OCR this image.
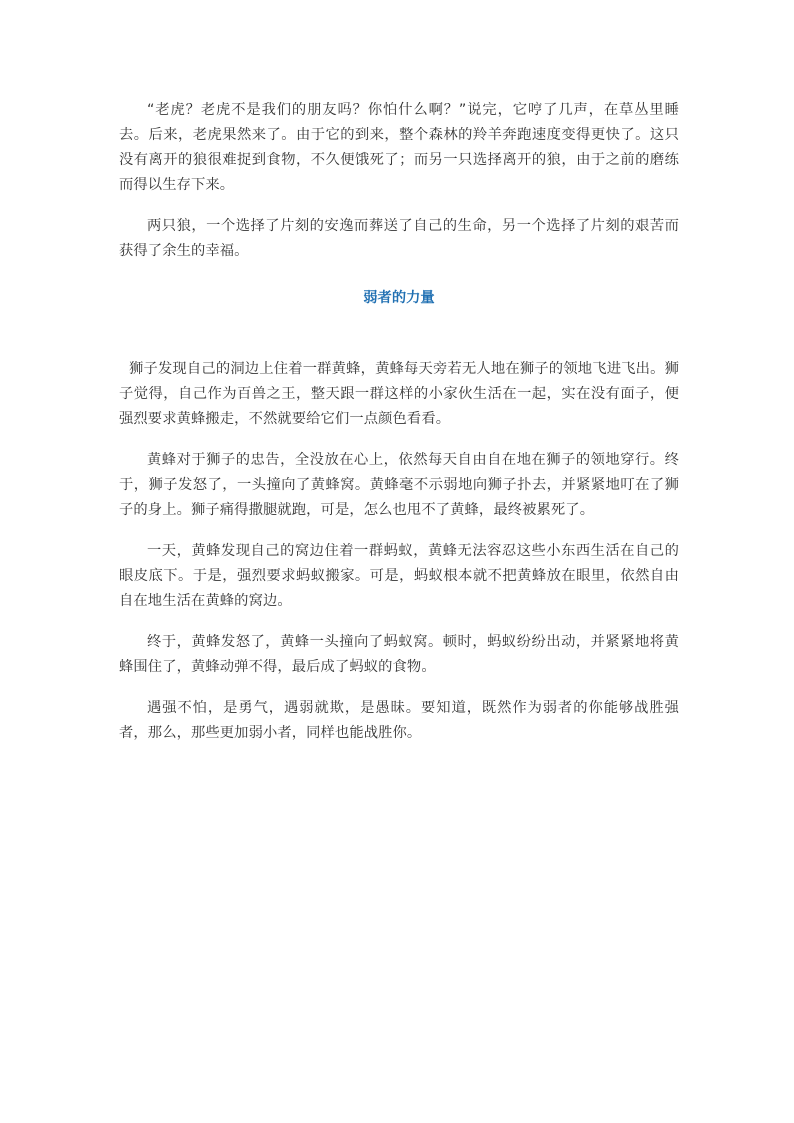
“老虎？老虎不是我们的朋友吗？你怕什么啊？”说完，它哼了几声，在草丛里睡去。后来，老虎果然来了。由于它的到来，整个森林的羚羊奔跑速度变得更快了。这只没有离开的狼很难捉到食物，不久便饿死了；而另一只选择离开的狼，由于之前的磨练而得以生存下来。

两只狼，一个选择了片刻的安逸而葬送了自己的生命，另一个选择了片刻的艰苦而获得了余生的幸福。

弱者的力量

狮子发现自己的洞边上住着一群黄蜂，黄蜂每天旁若无人地在狮子的领地飞进飞出。狮子觉得，自己作为百兽之王，整天跟一群这样的小家伙生活在一起，实在没有面子，便强烈要求黄蜂搬走，不然就要给它们一点颜色看看。

黄蜂对于狮子的忠告，全没放在心上，依然每天自由自在地在狮子的领地穿行。终于，狮子发怒了，一头撞向了黄蜂窝。黄蜂毫不示弱地向狮子扑去，并紧紧地叮在了狮子的身上。狮子痛得撒腿就跑，可是，怎么也甩不了黄蜂，最终被累死了。

一天，黄蜂发现自己的窝边住着一群蚂蚁，黄蜂无法容忍这些小东西生活在自己的眼皮底下。于是，强烈要求蚂蚁搬家。可是，蚂蚁根本就不把黄蜂放在眼里，依然自由自在地生活在黄蜂的窝边。

终于，黄蜂发怒了，黄蜂一头撞向了蚂蚁窝。顿时，蚂蚁纷纷出动，并紧紧地将黄蜂围住了，黄蜂动弹不得，最后成了蚂蚁的食物。

遇强不怕，是勇气，遇弱就欺，是愚昧。要知道，既然作为弱者的你能够战胜强者，那么，那些更加弱小者，同样也能战胜你。
